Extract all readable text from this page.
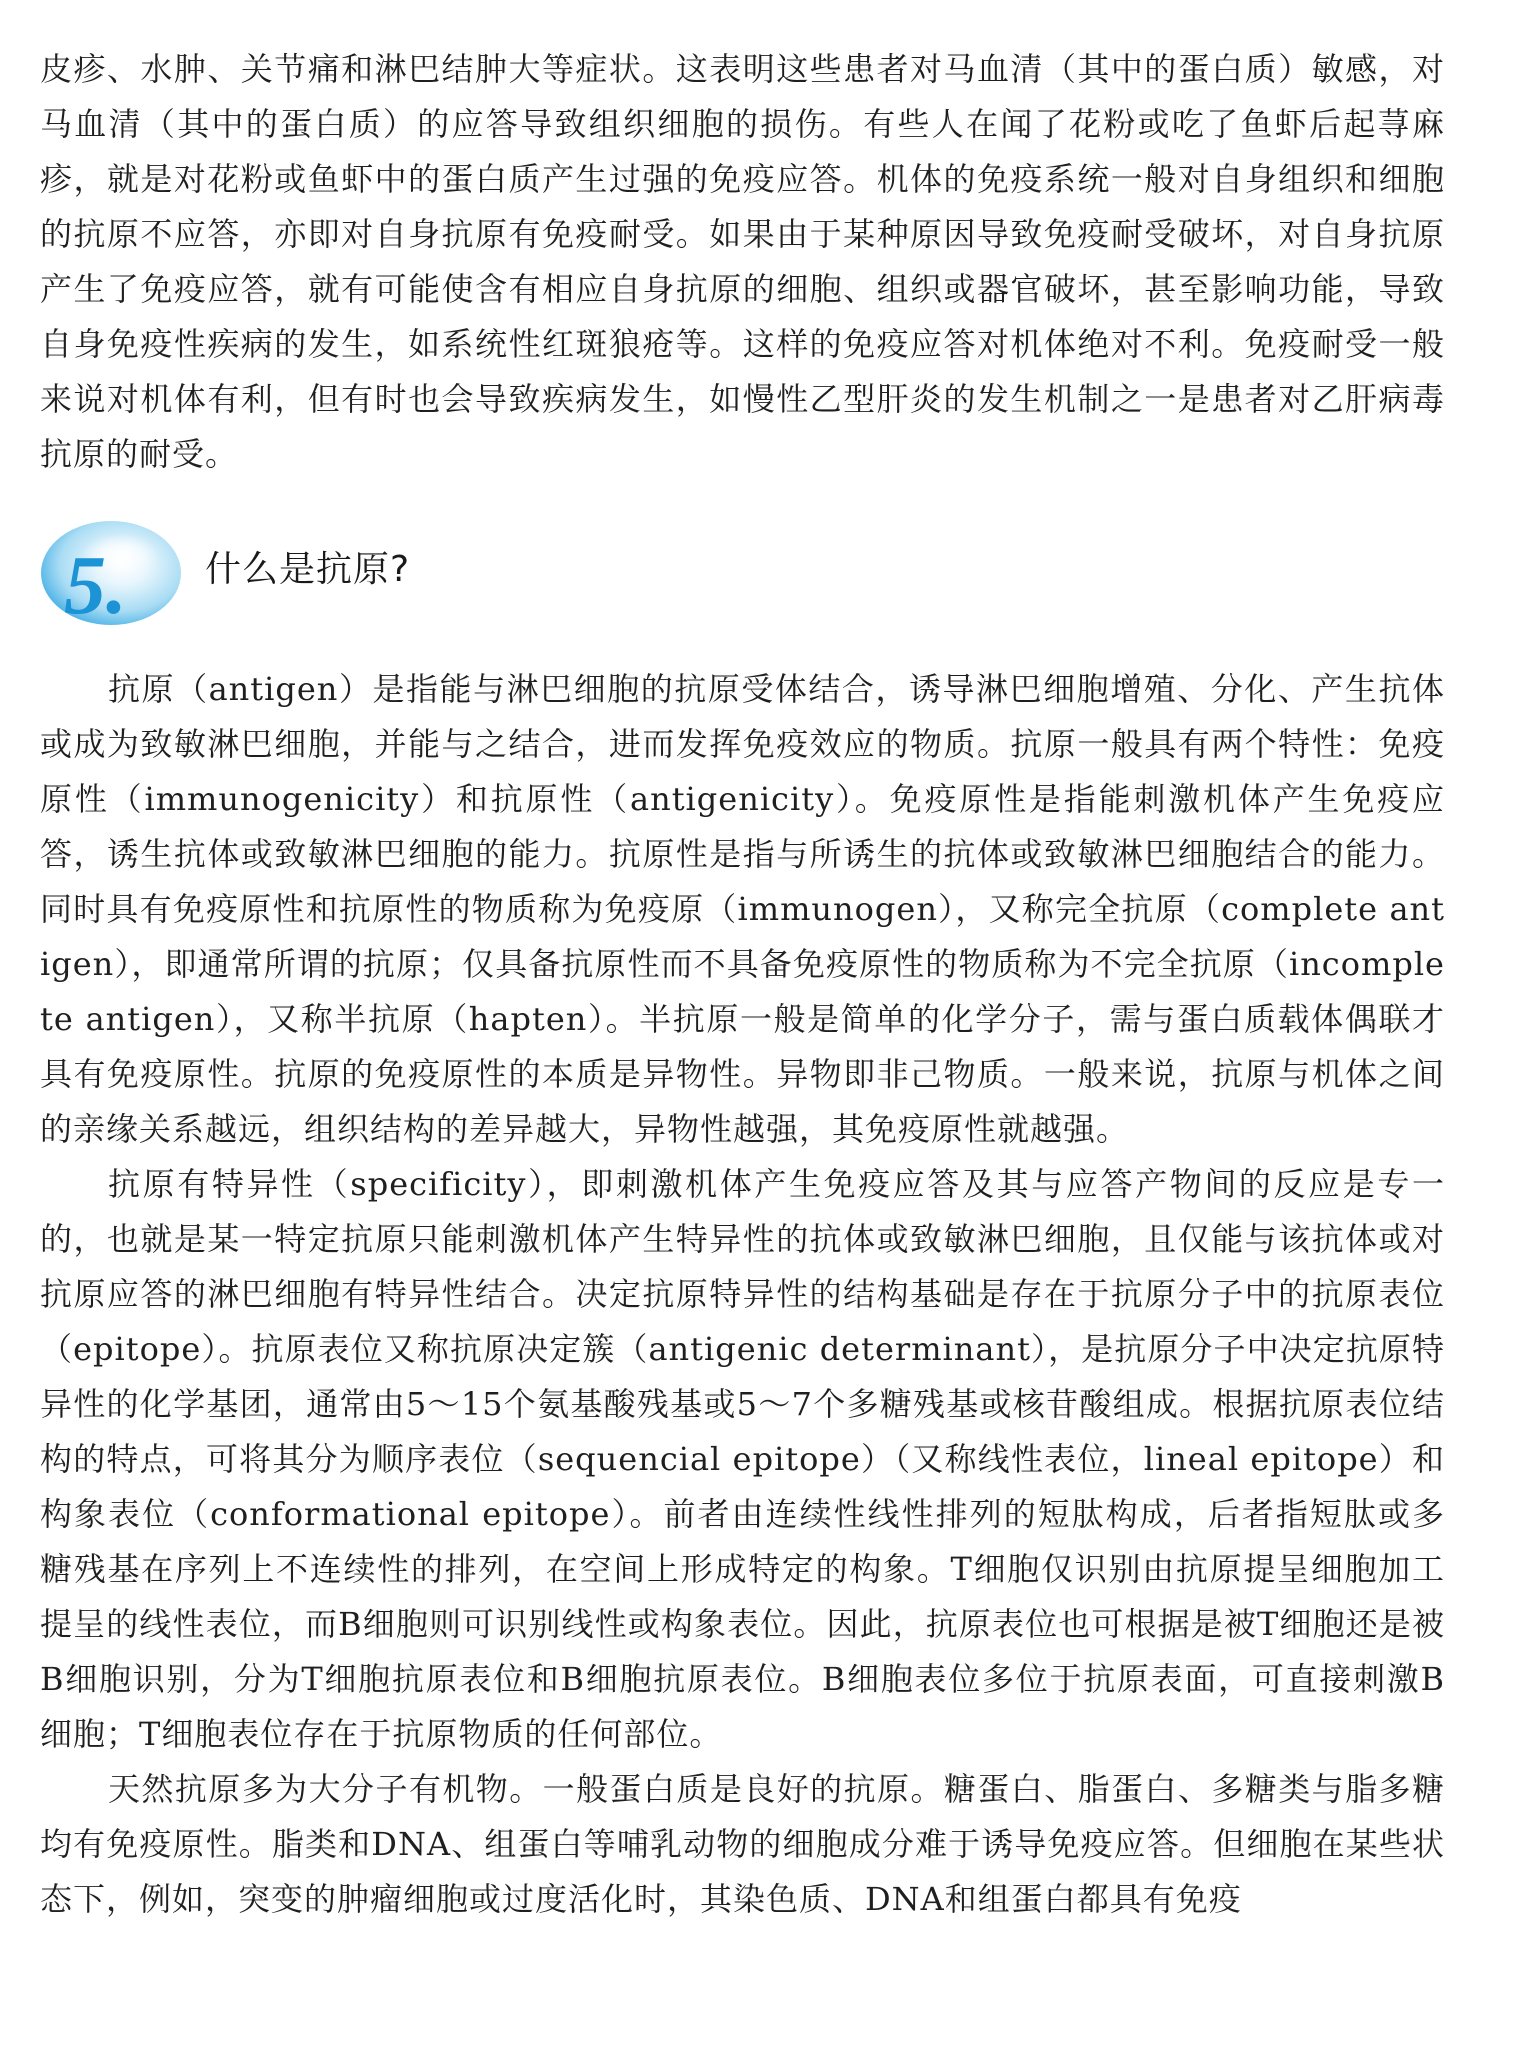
皮疹、水肿、关节痛和淋巴结肿大等症状。这表明这些患者对马血清（其中的蛋白质）敏感，对马血清（其中的蛋白质）的应答导致组织细胞的损伤。有些人在闻了花粉或吃了鱼虾后起荨麻疹，就是对花粉或鱼虾中的蛋白质产生过强的免疫应答。机体的免疫系统一般对自身组织和细胞的抗原不应答，亦即对自身抗原有免疫耐受。如果由于某种原因导致免疫耐受破坏，对自身抗原产生了免疫应答，就有可能使含有相应自身抗原的细胞、组织或器官破坏，甚至影响功能，导致自身免疫性疾病的发生，如系统性红斑狼疮等。这样的免疫应答对机体绝对不利。免疫耐受一般来说对机体有利，但有时也会导致疾病发生，如慢性乙型肝炎的发生机制之一是患者对乙肝病毒抗原的耐受。

5. 什么是抗原?

抗原（antigen）是指能与淋巴细胞的抗原受体结合，诱导淋巴细胞增殖、分化、产生抗体或成为致敏淋巴细胞，并能与之结合，进而发挥免疫效应的物质。抗原一般具有两个特性：免疫原性（immunogenicity）和抗原性（antigenicity）。免疫原性是指能刺激机体产生免疫应答，诱生抗体或致敏淋巴细胞的能力。抗原性是指与所诱生的抗体或致敏淋巴细胞结合的能力。同时具有免疫原性和抗原性的物质称为免疫原（immunogen），又称完全抗原（complete antigen），即通常所谓的抗原；仅具备抗原性而不具备免疫原性的物质称为不完全抗原（incomplete antigen），又称半抗原（hapten）。半抗原一般是简单的化学分子，需与蛋白质载体偶联才具有免疫原性。抗原的免疫原性的本质是异物性。异物即非己物质。一般来说，抗原与机体之间的亲缘关系越远，组织结构的差异越大，异物性越强，其免疫原性就越强。

抗原有特异性（specificity），即刺激机体产生免疫应答及其与应答产物间的反应是专一的，也就是某一特定抗原只能刺激机体产生特异性的抗体或致敏淋巴细胞，且仅能与该抗体或对抗原应答的淋巴细胞有特异性结合。决定抗原特异性的结构基础是存在于抗原分子中的抗原表位（epitope）。抗原表位又称抗原决定簇（antigenic determinant），是抗原分子中决定抗原特异性的化学基团，通常由5～15个氨基酸残基或5～7个多糖残基或核苷酸组成。根据抗原表位结构的特点，可将其分为顺序表位（sequencial epitope）（又称线性表位，lineal epitope）和构象表位（conformational epitope）。前者由连续性线性排列的短肽构成，后者指短肽或多糖残基在序列上不连续性的排列，在空间上形成特定的构象。T细胞仅识别由抗原提呈细胞加工提呈的线性表位，而B细胞则可识别线性或构象表位。因此，抗原表位也可根据是被T细胞还是被B细胞识别，分为T细胞抗原表位和B细胞抗原表位。B细胞表位多位于抗原表面，可直接刺激B细胞；T细胞表位存在于抗原物质的任何部位。

天然抗原多为大分子有机物。一般蛋白质是良好的抗原。糖蛋白、脂蛋白、多糖类与脂多糖均有免疫原性。脂类和DNA、组蛋白等哺乳动物的细胞成分难于诱导免疫应答。但细胞在某些状态下，例如，突变的肿瘤细胞或过度活化时，其染色质、DNA和组蛋白都具有免疫
